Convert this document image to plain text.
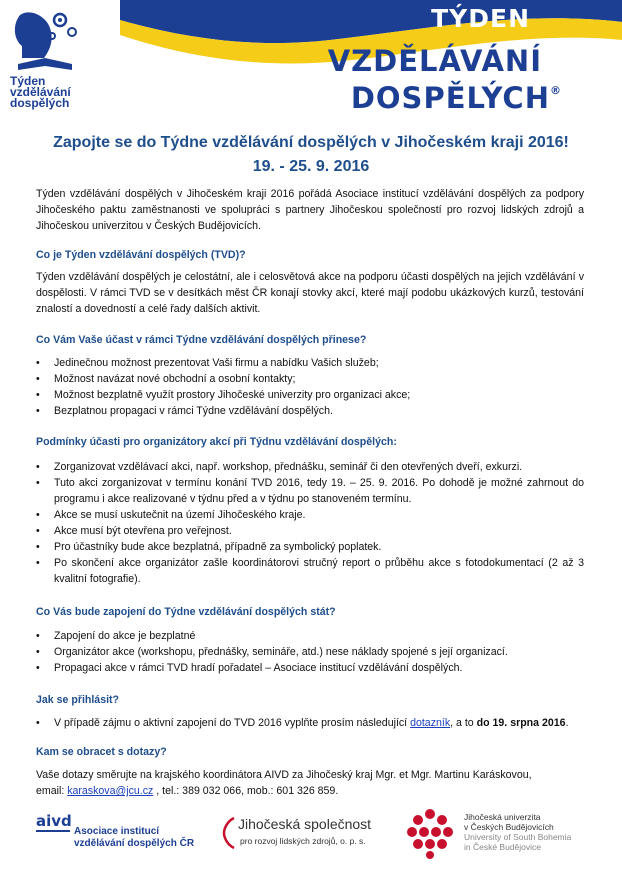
Týden
vzdělávání
dospělých
TÝDEN
VZDĚLÁVÁNÍ
DOSPĚLÝCH ®
Zapojte se do Týdne vzdělávání dospělých v Jihočeském kraji 2016!
19. - 25. 9. 2016
Týden vzdělávání dospělých v Jihočeském kraji 2016 pořádá Asociace institucí vzdělávání dospělých za podpory Jihočeského paktu zaměstnanosti ve spolupráci s partnery Jihočeskou společností pro rozvoj lidských zdrojů a Jihočeskou univerzitou v Českých Budějovicích.
Co je Týden vzdělávání dospělých (TVD)?
Týden vzdělávání dospělých je celostátní, ale i celosvětová akce na podporu účasti dospělých na jejich vzdělávání v dospělosti. V rámci TVD se v desítkách měst ČR konají stovky akcí, které mají podobu ukázkových kurzů, testování znalostí a dovedností a celé řady dalších aktivit.
Co Vám Vaše účast v rámci Týdne vzdělávání dospělých přinese?
• Jedinečnou možnost prezentovat Vaši firmu a nabídku Vašich služeb;
• Možnost navázat nové obchodní a osobní kontakty;
• Možnost bezplatně využít prostory Jihočeské univerzity pro organizaci akce;
• Bezplatnou propagaci v rámci Týdne vzdělávání dospělých.
Podmínky účasti pro organizátory akcí při Týdnu vzdělávání dospělých:
• Zorganizovat vzdělávací akci, např. workshop, přednášku, seminář či den otevřených dveří, exkurzi.
• Tuto akci zorganizovat v termínu konání TVD 2016, tedy 19. – 25. 9. 2016. Po dohodě je možné zahrnout do programu i akce realizované v týdnu před a v týdnu po stanoveném termínu.
• Akce se musí uskutečnit na území Jihočeského kraje.
• Akce musí být otevřena pro veřejnost.
• Pro účastníky bude akce bezplatná, případně za symbolický poplatek.
• Po skončení akce organizátor zašle koordinátorovi stručný report o průběhu akce s fotodokumentací (2 až 3 kvalitní fotografie).
Co Vás bude zapojení do Týdne vzdělávání dospělých stát?
• Zapojení do akce je bezplatné
• Organizátor akce (workshopu, přednášky, semináře, atd.) nese náklady spojené s její organizací.
• Propagaci akce v rámci TVD hradí pořadatel – Asociace institucí vzdělávání dospělých.
Jak se přihlásit?
• V případě zájmu o aktivní zapojení do TVD 2016 vyplňte prosím následující dotazník, a to do 19. srpna 2016.
Kam se obracet s dotazy?
Vaše dotazy směrujte na krajského koordinátora AIVD za Jihočeský kraj Mgr. et Mgr. Martinu Karáskovou,
email: karaskova@jcu.cz , tel.: 389 032 066, mob.: 601 326 859.
aivd
Asociace institucí
vzdělávání dospělých ČR
Jihočeská společnost
pro rozvoj lidských zdrojů, o. p. s.
Jihočeská univerzita
v Českých Budějovicích
University of South Bohemia
in České Budějovice
